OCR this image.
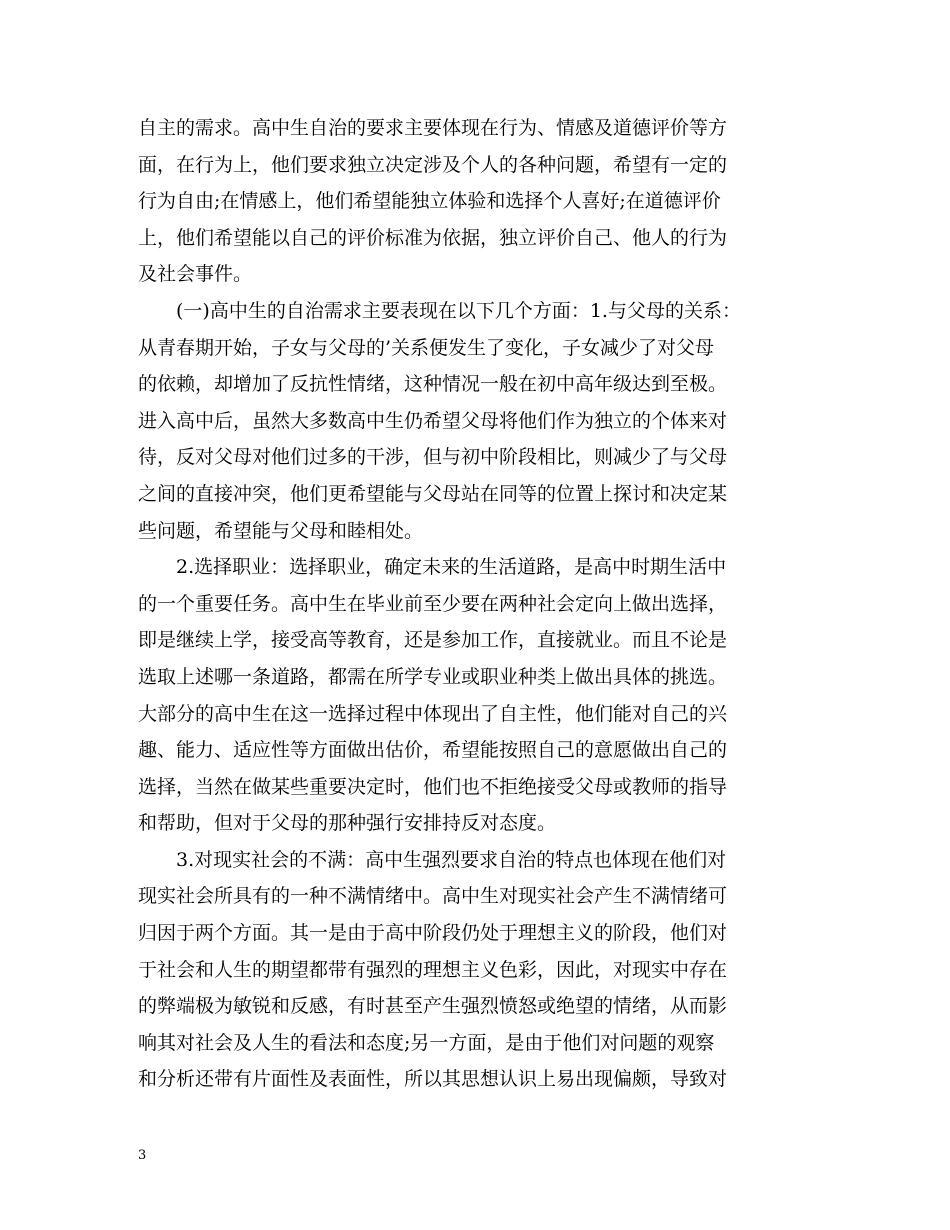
自主的需求。高中生自治的要求主要体现在行为、情感及道德评价等方
面，在行为上，他们要求独立决定涉及个人的各种问题，希望有一定的
行为自由;在情感上，他们希望能独立体验和选择个人喜好;在道德评价
上，他们希望能以自己的评价标准为依据，独立评价自己、他人的行为
及社会事件。
　　(一)高中生的自治需求主要表现在以下几个方面：1.与父母的关系：
从青春期开始，子女与父母的’关系便发生了变化，子女减少了对父母
的依赖，却增加了反抗性情绪，这种情况一般在初中高年级达到至极。
进入高中后，虽然大多数高中生仍希望父母将他们作为独立的个体来对
待，反对父母对他们过多的干涉，但与初中阶段相比，则减少了与父母
之间的直接冲突，他们更希望能与父母站在同等的位置上探讨和决定某
些问题，希望能与父母和睦相处。
　　2.选择职业：选择职业，确定未来的生活道路，是高中时期生活中
的一个重要任务。高中生在毕业前至少要在两种社会定向上做出选择，
即是继续上学，接受高等教育，还是参加工作，直接就业。而且不论是
选取上述哪一条道路，都需在所学专业或职业种类上做出具体的挑选。
大部分的高中生在这一选择过程中体现出了自主性，他们能对自己的兴
趣、能力、适应性等方面做出估价，希望能按照自己的意愿做出自己的
选择，当然在做某些重要决定时，他们也不拒绝接受父母或教师的指导
和帮助，但对于父母的那种强行安排持反对态度。
　　3.对现实社会的不满：高中生强烈要求自治的特点也体现在他们对
现实社会所具有的一种不满情绪中。高中生对现实社会产生不满情绪可
归因于两个方面。其一是由于高中阶段仍处于理想主义的阶段，他们对
于社会和人生的期望都带有强烈的理想主义色彩，因此，对现实中存在
的弊端极为敏锐和反感，有时甚至产生强烈愤怒或绝望的情绪，从而影
响其对社会及人生的看法和态度;另一方面，是由于他们对问题的观察
和分析还带有片面性及表面性，所以其思想认识上易出现偏颇，导致对
3
